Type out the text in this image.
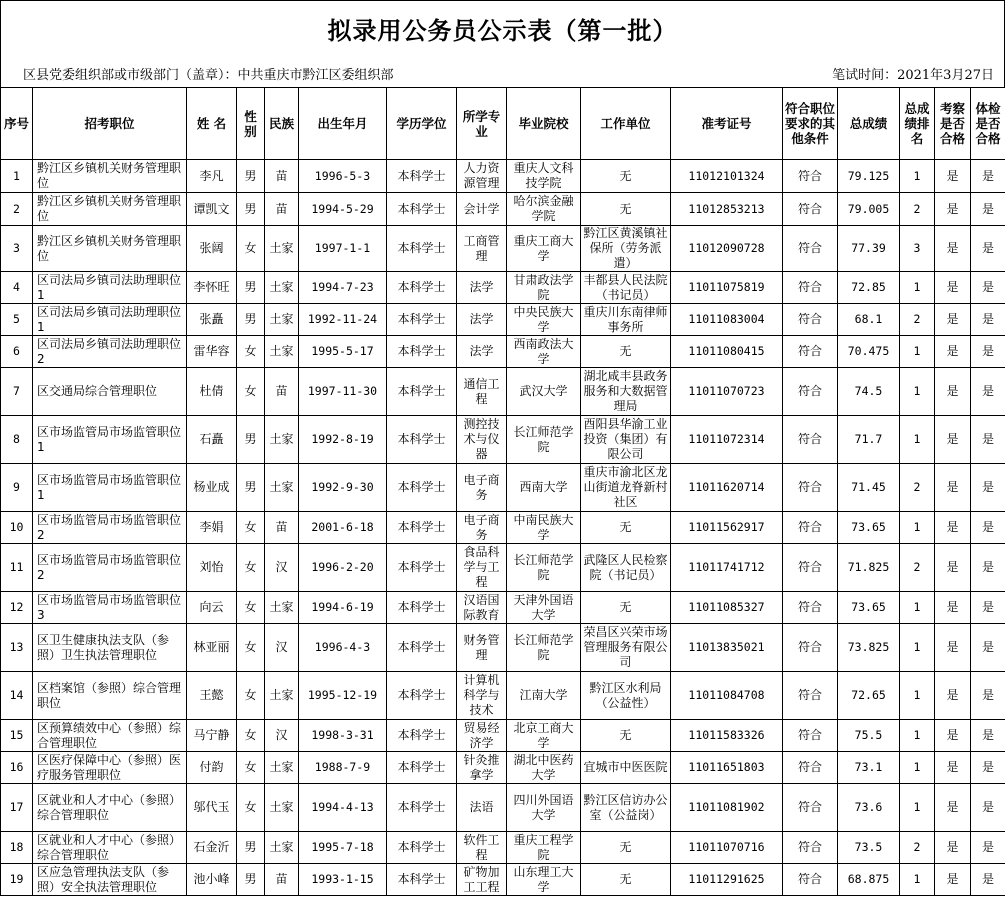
拟录用公务员公示表（第一批）
区县党委组织部或市级部门（盖章）：中共重庆市黔江区委组织部	笔试时间：2021年3月27日
序号	招考职位	姓 名	性别	民族	出生年月	学历学位	所学专业	毕业院校	工作单位	准考证号	符合职位要求的其他条件	总成绩	总成绩排名	考察是否合格	体检是否合格
1	黔江区乡镇机关财务管理职位	李凡	男	苗	1996-5-3	本科学士	人力资源管理	重庆人文科技学院	无	11012101324	符合	79.125	1	是	是
2	黔江区乡镇机关财务管理职位	谭凯文	男	苗	1994-5-29	本科学士	会计学	哈尔滨金融学院	无	11012853213	符合	79.005	2	是	是
3	黔江区乡镇机关财务管理职位	张阔	女	土家	1997-1-1	本科学士	工商管理	重庆工商大学	黔江区黄溪镇社保所（劳务派遣）	11012090728	符合	77.39	3	是	是
4	区司法局乡镇司法助理职位1	李怀旺	男	土家	1994-7-23	本科学士	法学	甘肃政法学院	丰都县人民法院（书记员）	11011075819	符合	72.85	1	是	是
5	区司法局乡镇司法助理职位1	张矗	男	土家	1992-11-24	本科学士	法学	中央民族大学	重庆川东南律师事务所	11011083004	符合	68.1	2	是	是
6	区司法局乡镇司法助理职位2	雷华容	女	土家	1995-5-17	本科学士	法学	西南政法大学	无	11011080415	符合	70.475	1	是	是
7	区交通局综合管理职位	杜倩	女	苗	1997-11-30	本科学士	通信工程	武汉大学	湖北咸丰县政务服务和大数据管理局	11011070723	符合	74.5	1	是	是
8	区市场监管局市场监管职位1	石矗	男	土家	1992-8-19	本科学士	测控技术与仪器	长江师范学院	酉阳县华渝工业投资（集团）有限公司	11011072314	符合	71.7	1	是	是
9	区市场监管局市场监管职位1	杨业成	男	土家	1992-9-30	本科学士	电子商务	西南大学	重庆市渝北区龙山街道龙脊新村社区	11011620714	符合	71.45	2	是	是
10	区市场监管局市场监管职位2	李娟	女	苗	2001-6-18	本科学士	电子商务	中南民族大学	无	11011562917	符合	73.65	1	是	是
11	区市场监管局市场监管职位2	刘怡	女	汉	1996-2-20	本科学士	食品科学与工程	长江师范学院	武隆区人民检察院（书记员）	11011741712	符合	71.825	2	是	是
12	区市场监管局市场监管职位3	向云	女	土家	1994-6-19	本科学士	汉语国际教育	天津外国语大学	无	11011085327	符合	73.65	1	是	是
13	区卫生健康执法支队（参照）卫生执法管理职位	林亚丽	女	汉	1996-4-3	本科学士	财务管理	长江师范学院	荣昌区兴荣市场管理服务有限公司	11013835021	符合	73.825	1	是	是
14	区档案馆（参照）综合管理职位	王懿	女	土家	1995-12-19	本科学士	计算机科学与技术	江南大学	黔江区水利局（公益性）	11011084708	符合	72.65	1	是	是
15	区预算绩效中心（参照）综合管理职位	马宁静	女	汉	1998-3-31	本科学士	贸易经济学	北京工商大学	无	11011583326	符合	75.5	1	是	是
16	区医疗保障中心（参照）医疗服务管理职位	付韵	女	土家	1988-7-9	本科学士	针灸推拿学	湖北中医药大学	宜城市中医医院	11011651803	符合	73.1	1	是	是
17	区就业和人才中心（参照）综合管理职位	邬代玉	女	土家	1994-4-13	本科学士	法语	四川外国语大学	黔江区信访办公室（公益岗）	11011081902	符合	73.6	1	是	是
18	区就业和人才中心（参照）综合管理职位	石金沂	男	土家	1995-7-18	本科学士	软件工程	重庆工程学院	无	11011070716	符合	73.5	2	是	是
19	区应急管理执法支队（参照）安全执法管理职位	池小峰	男	苗	1993-1-15	本科学士	矿物加工工程	山东理工大学	无	11011291625	符合	68.875	1	是	是
